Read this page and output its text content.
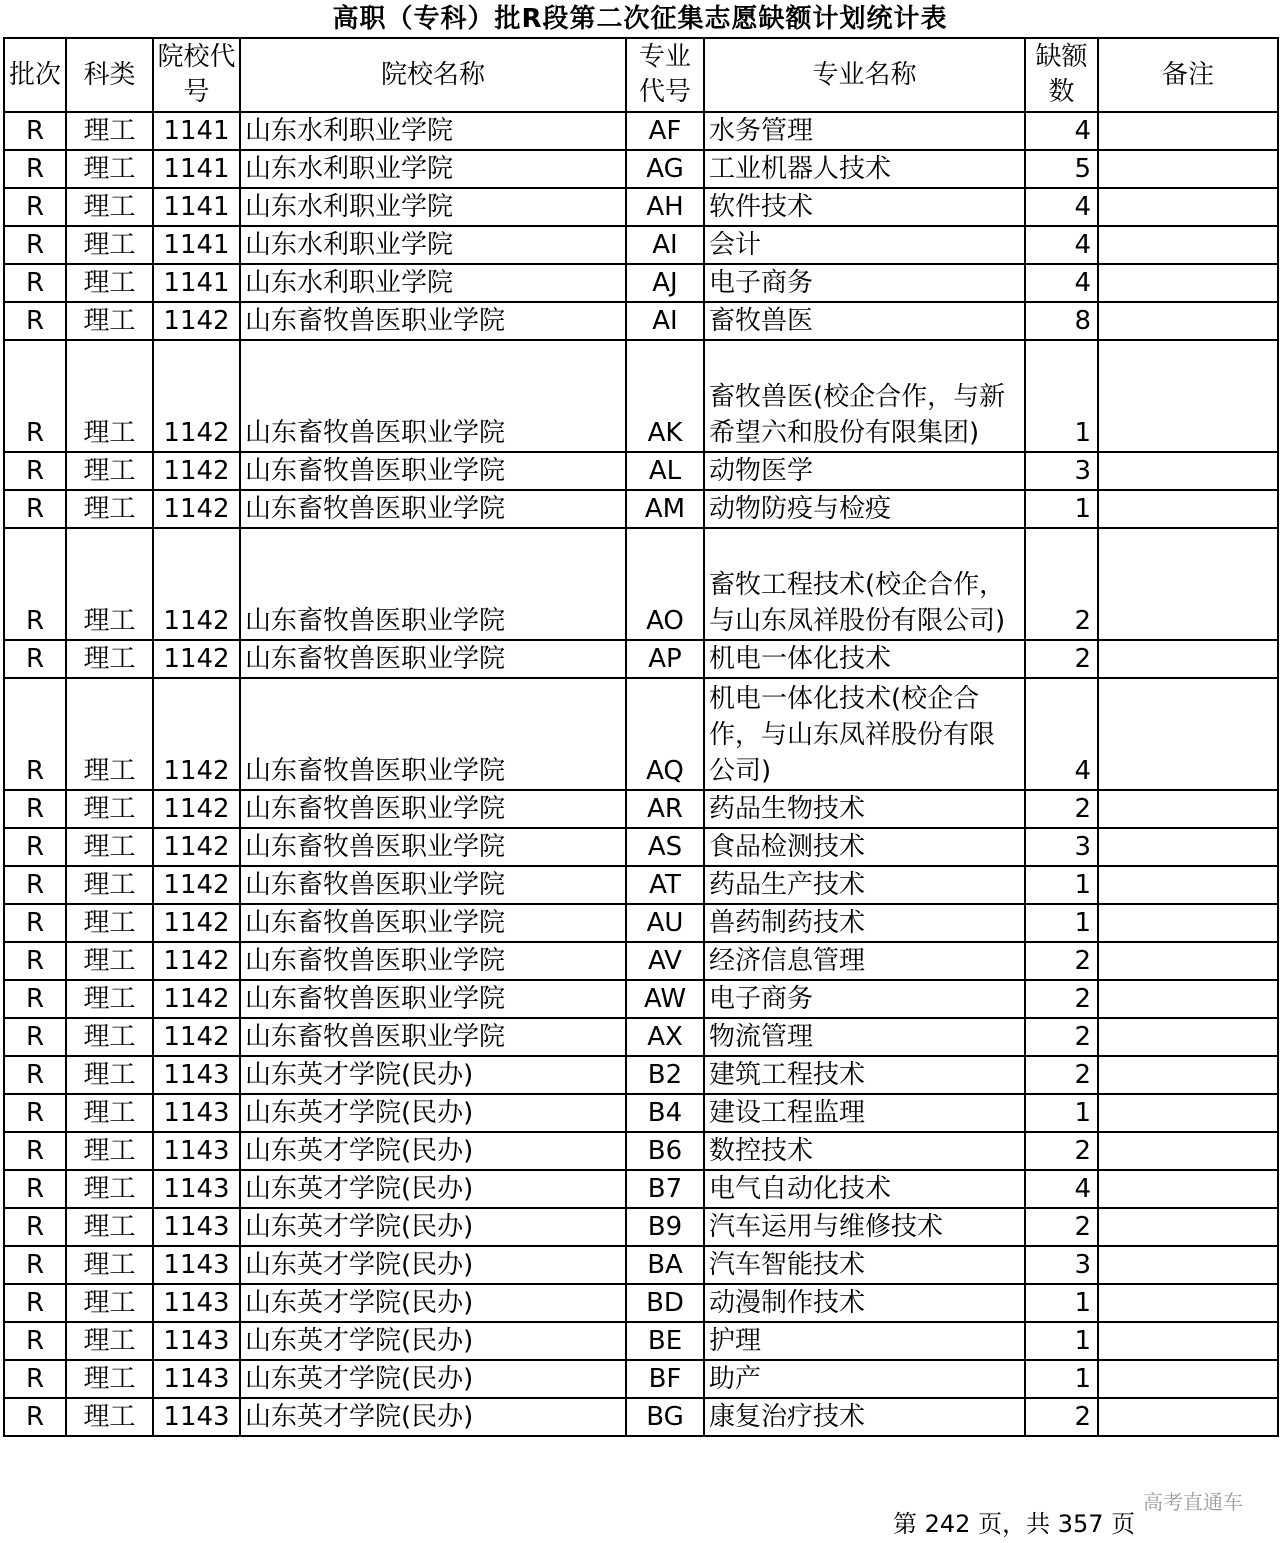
高职（专科）批R段第二次征集志愿缺额计划统计表
批次	科类	院校代号	院校名称	专业代号	专业名称	缺额数	备注
R	理工	1141	山东水利职业学院	AF	水务管理	4	
R	理工	1141	山东水利职业学院	AG	工业机器人技术	5	
R	理工	1141	山东水利职业学院	AH	软件技术	4	
R	理工	1141	山东水利职业学院	AI	会计	4	
R	理工	1141	山东水利职业学院	AJ	电子商务	4	
R	理工	1142	山东畜牧兽医职业学院	AI	畜牧兽医	8	
R	理工	1142	山东畜牧兽医职业学院	AK	畜牧兽医(校企合作，与新希望六和股份有限集团)	1	
R	理工	1142	山东畜牧兽医职业学院	AL	动物医学	3	
R	理工	1142	山东畜牧兽医职业学院	AM	动物防疫与检疫	1	
R	理工	1142	山东畜牧兽医职业学院	AO	畜牧工程技术(校企合作，与山东凤祥股份有限公司)	2	
R	理工	1142	山东畜牧兽医职业学院	AP	机电一体化技术	2	
R	理工	1142	山东畜牧兽医职业学院	AQ	机电一体化技术(校企合作，与山东凤祥股份有限公司)	4	
R	理工	1142	山东畜牧兽医职业学院	AR	药品生物技术	2	
R	理工	1142	山东畜牧兽医职业学院	AS	食品检测技术	3	
R	理工	1142	山东畜牧兽医职业学院	AT	药品生产技术	1	
R	理工	1142	山东畜牧兽医职业学院	AU	兽药制药技术	1	
R	理工	1142	山东畜牧兽医职业学院	AV	经济信息管理	2	
R	理工	1142	山东畜牧兽医职业学院	AW	电子商务	2	
R	理工	1142	山东畜牧兽医职业学院	AX	物流管理	2	
R	理工	1143	山东英才学院(民办)	B2	建筑工程技术	2	
R	理工	1143	山东英才学院(民办)	B4	建设工程监理	1	
R	理工	1143	山东英才学院(民办)	B6	数控技术	2	
R	理工	1143	山东英才学院(民办)	B7	电气自动化技术	4	
R	理工	1143	山东英才学院(民办)	B9	汽车运用与维修技术	2	
R	理工	1143	山东英才学院(民办)	BA	汽车智能技术	3	
R	理工	1143	山东英才学院(民办)	BD	动漫制作技术	1	
R	理工	1143	山东英才学院(民办)	BE	护理	1	
R	理工	1143	山东英才学院(民办)	BF	助产	1	
R	理工	1143	山东英才学院(民办)	BG	康复治疗技术	2	
高考直通车
第 242 页，共 357 页
